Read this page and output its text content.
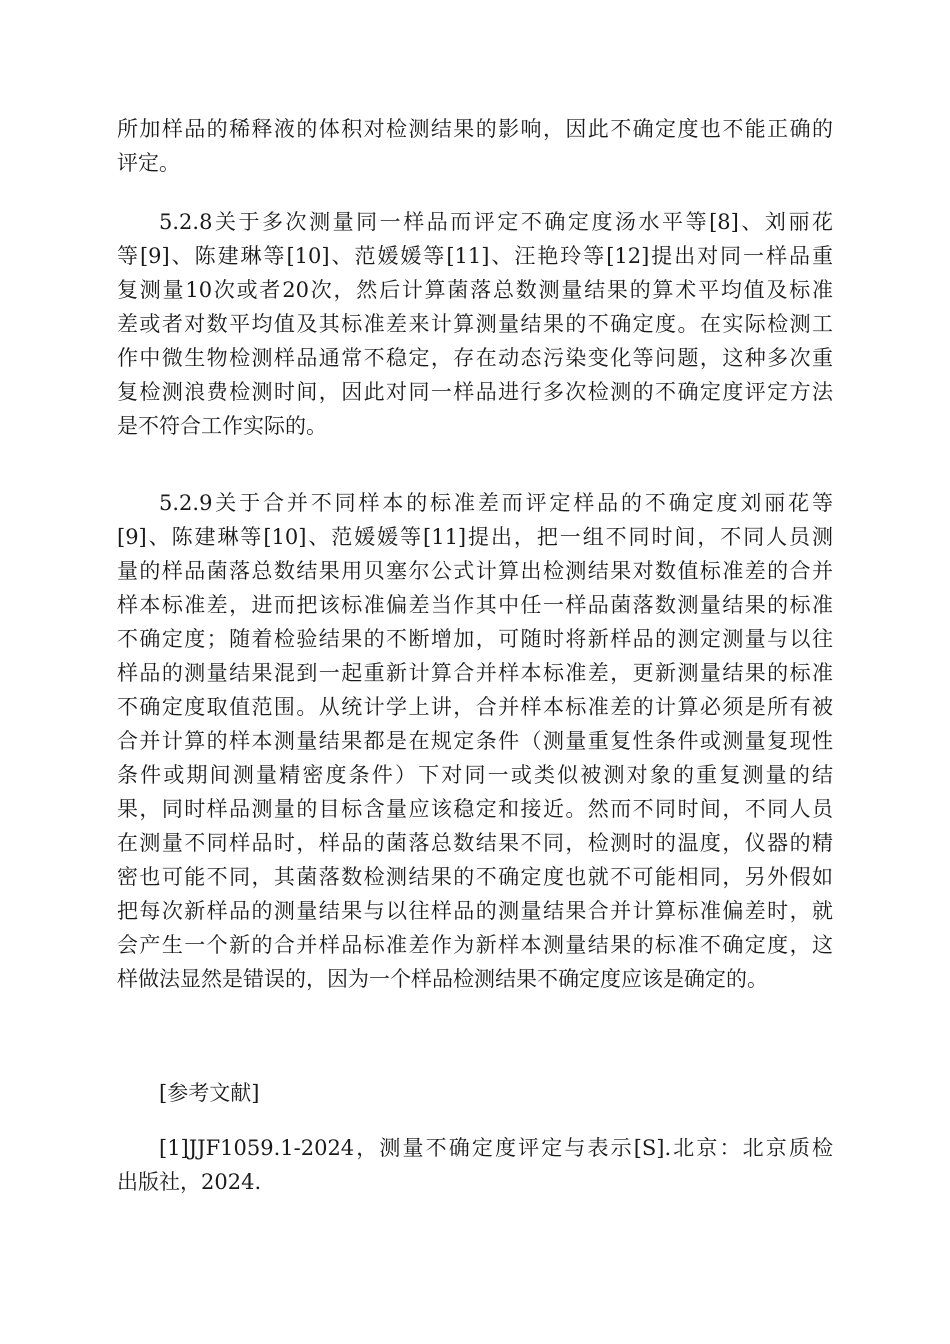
所加样品的稀释液的体积对检测结果的影响，因此不确定度也不能正确的
评定。
5.2.8关于多次测量同一样品而评定不确定度汤水平等[8]、刘丽花
等[9]、陈建琳等[10]、范媛媛等[11]、汪艳玲等[12]提出对同一样品重
复测量10次或者20次，然后计算菌落总数测量结果的算术平均值及标准
差或者对数平均值及其标准差来计算测量结果的不确定度。在实际检测工
作中微生物检测样品通常不稳定，存在动态污染变化等问题，这种多次重
复检测浪费检测时间，因此对同一样品进行多次检测的不确定度评定方法
是不符合工作实际的。
5.2.9关于合并不同样本的标准差而评定样品的不确定度刘丽花等
[9]、陈建琳等[10]、范媛媛等[11]提出，把一组不同时间，不同人员测
量的样品菌落总数结果用贝塞尔公式计算出检测结果对数值标准差的合并
样本标准差，进而把该标准偏差当作其中任一样品菌落数测量结果的标准
不确定度；随着检验结果的不断增加，可随时将新样品的测定测量与以往
样品的测量结果混到一起重新计算合并样本标准差，更新测量结果的标准
不确定度取值范围。从统计学上讲，合并样本标准差的计算必须是所有被
合并计算的样本测量结果都是在规定条件（测量重复性条件或测量复现性
条件或期间测量精密度条件）下对同一或类似被测对象的重复测量的结
果，同时样品测量的目标含量应该稳定和接近。然而不同时间，不同人员
在测量不同样品时，样品的菌落总数结果不同，检测时的温度，仪器的精
密也可能不同，其菌落数检测结果的不确定度也就不可能相同，另外假如
把每次新样品的测量结果与以往样品的测量结果合并计算标准偏差时，就
会产生一个新的合并样品标准差作为新样本测量结果的标准不确定度，这
样做法显然是错误的，因为一个样品检测结果不确定度应该是确定的。
[参考文献]
[1]JJF1059.1-2024，测量不确定度评定与表示[S].北京：北京质检
出版社，2024.
